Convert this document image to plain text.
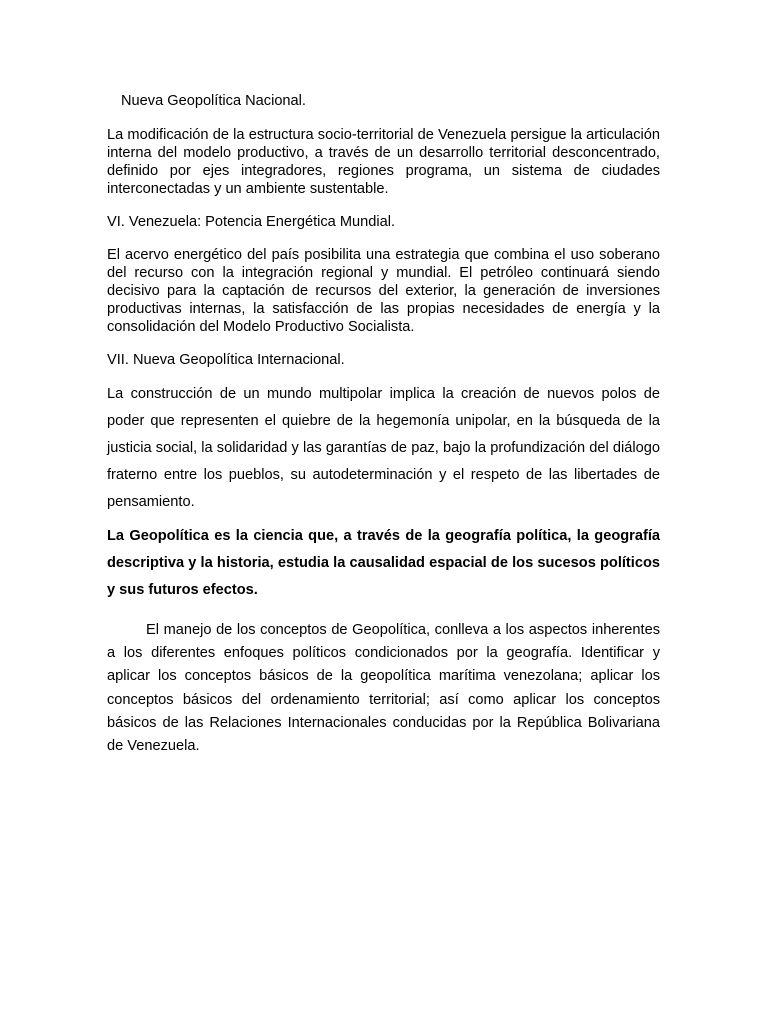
Nueva Geopolítica Nacional.

La modificación de la estructura socio-territorial de Venezuela persigue la articulación interna del modelo productivo, a través de un desarrollo territorial desconcentrado, definido por ejes integradores, regiones programa, un sistema de ciudades interconectadas y un ambiente sustentable.

VI. Venezuela: Potencia Energética Mundial.

El acervo energético del país posibilita una estrategia que combina el uso soberano del recurso con la integración regional y mundial. El petróleo continuará siendo decisivo para la captación de recursos del exterior, la generación de inversiones productivas internas, la satisfacción de las propias necesidades de energía y la consolidación del Modelo Productivo Socialista.

VII. Nueva Geopolítica Internacional.

La construcción de un mundo multipolar implica la creación de nuevos polos de poder que representen el quiebre de la hegemonía unipolar, en la búsqueda de la justicia social, la solidaridad y las garantías de paz, bajo la profundización del diálogo fraterno entre los pueblos, su autodeterminación y el respeto de las libertades de pensamiento.

La Geopolítica es la ciencia que, a través de la geografía política, la geografía descriptiva y la historia, estudia la causalidad espacial de los sucesos políticos y sus futuros efectos.

El manejo de los conceptos de Geopolítica, conlleva a los aspectos inherentes a los diferentes enfoques políticos condicionados por la geografía. Identificar y aplicar los conceptos básicos de la geopolítica marítima venezolana; aplicar los conceptos básicos del ordenamiento territorial; así como aplicar los conceptos básicos de las Relaciones Internacionales conducidas por la República Bolivariana de Venezuela.
